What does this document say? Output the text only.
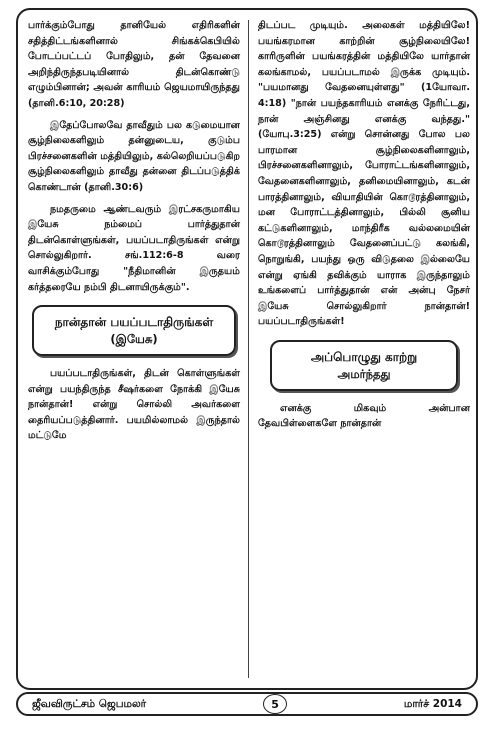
பார்க்கும்போது தானியேல் எதிரிகளின் சதித்திட்டங்களினால் சிங்கக்கெபியில் போடப்பட்டப் போதிலும், தன் தேவனை அறிந்திருந்தபடியினால் திடன்கொண்டு எழும்பினான்; அவன் காரியம் ஜெயமாயிருந்தது (தானி.6:10, 20:28)

இதேப்போலவே தாவீதும் பல கடுமையான சூழ்நிலைகளிலும் தன்னுடைய, குடும்ப பிரச்சனைகளின் மத்தியிலும், கல்லெறியப்படுகிற சூழ்நிலைகளிலும் தாவீது தன்னை திடப்படுத்திக் கொண்டான் (தானி.30:6)

நமதருமை ஆண்டவரும் இரட்சகருமாகிய இயேசு நம்மைப் பார்த்துதான் திடன்கொள்ளுங்கள், பயப்படாதிருங்கள் என்று சொல்லுகிறார். சங்.112:6-8 வரை வாசிக்கும்போது "நீதிமானின் இருதயம் கர்த்தரையே நம்பி திடனாயிருக்கும்".

நான்தான் பயப்படாதிருங்கள்
(இயேசு)

பயப்படாதிருங்கள், திடன் கொள்ளுங்கள் என்று பயந்திருந்த சீஷர்களை நோக்கி இயேசு நான்தான்! என்று சொல்லி அவர்களை தைரியப்படுத்தினார். பயமில்லாமல் இருந்தால் மட்டுமே

திடப்பட முடியும். அலைகள் மத்தியிலே! பயங்கரமான காற்றின் சூழ்நிலையிலே! காரிருளின் பயங்கரத்தின் மத்தியிலே யார்தான் கலங்காமல், பயப்படாமல் இருக்க முடியும். "பயமானது வேதனையுள்ளது" (1யோவா. 4:18) "நான் பயந்தகாரியம் எனக்கு நேரிட்டது, நான் அஞ்சினது எனக்கு வந்தது." (யோபு.3:25) என்று சொன்னது போல பல பாரமான சூழ்நிலைகளினாலும், பிரச்சனைகளினாலும், போராட்டங்களினாலும், வேதனைகளினாலும், தனிமையினாலும், கடன் பாரத்தினாலும், வியாதியின் கொடூரத்தினாலும், மன போராட்டத்தினாலும், பில்லி சூனிய கட்டுகளினாலும், மாந்திரீக வல்லமையின் கொடூரத்தினாலும் வேதனைப்பட்டு கலங்கி, நொறுங்கி, பயந்து ஒரு விடுதலை இல்லையே என்று ஏங்கி தவிக்கும் யாராக இருந்தாலும் உங்களைப் பார்த்துதான் என் அன்பு நேசர் இயேசு சொல்லுகிறார் நான்தான்! பயப்படாதிருங்கள்!

அப்பொழுது காற்று
அமர்ந்தது

எனக்கு மிகவும் அன்பான தேவபிள்ளைகளே நான்தான்

ஜீவவிருட்சம் ஜெபமலர்	5	மார்ச் 2014
